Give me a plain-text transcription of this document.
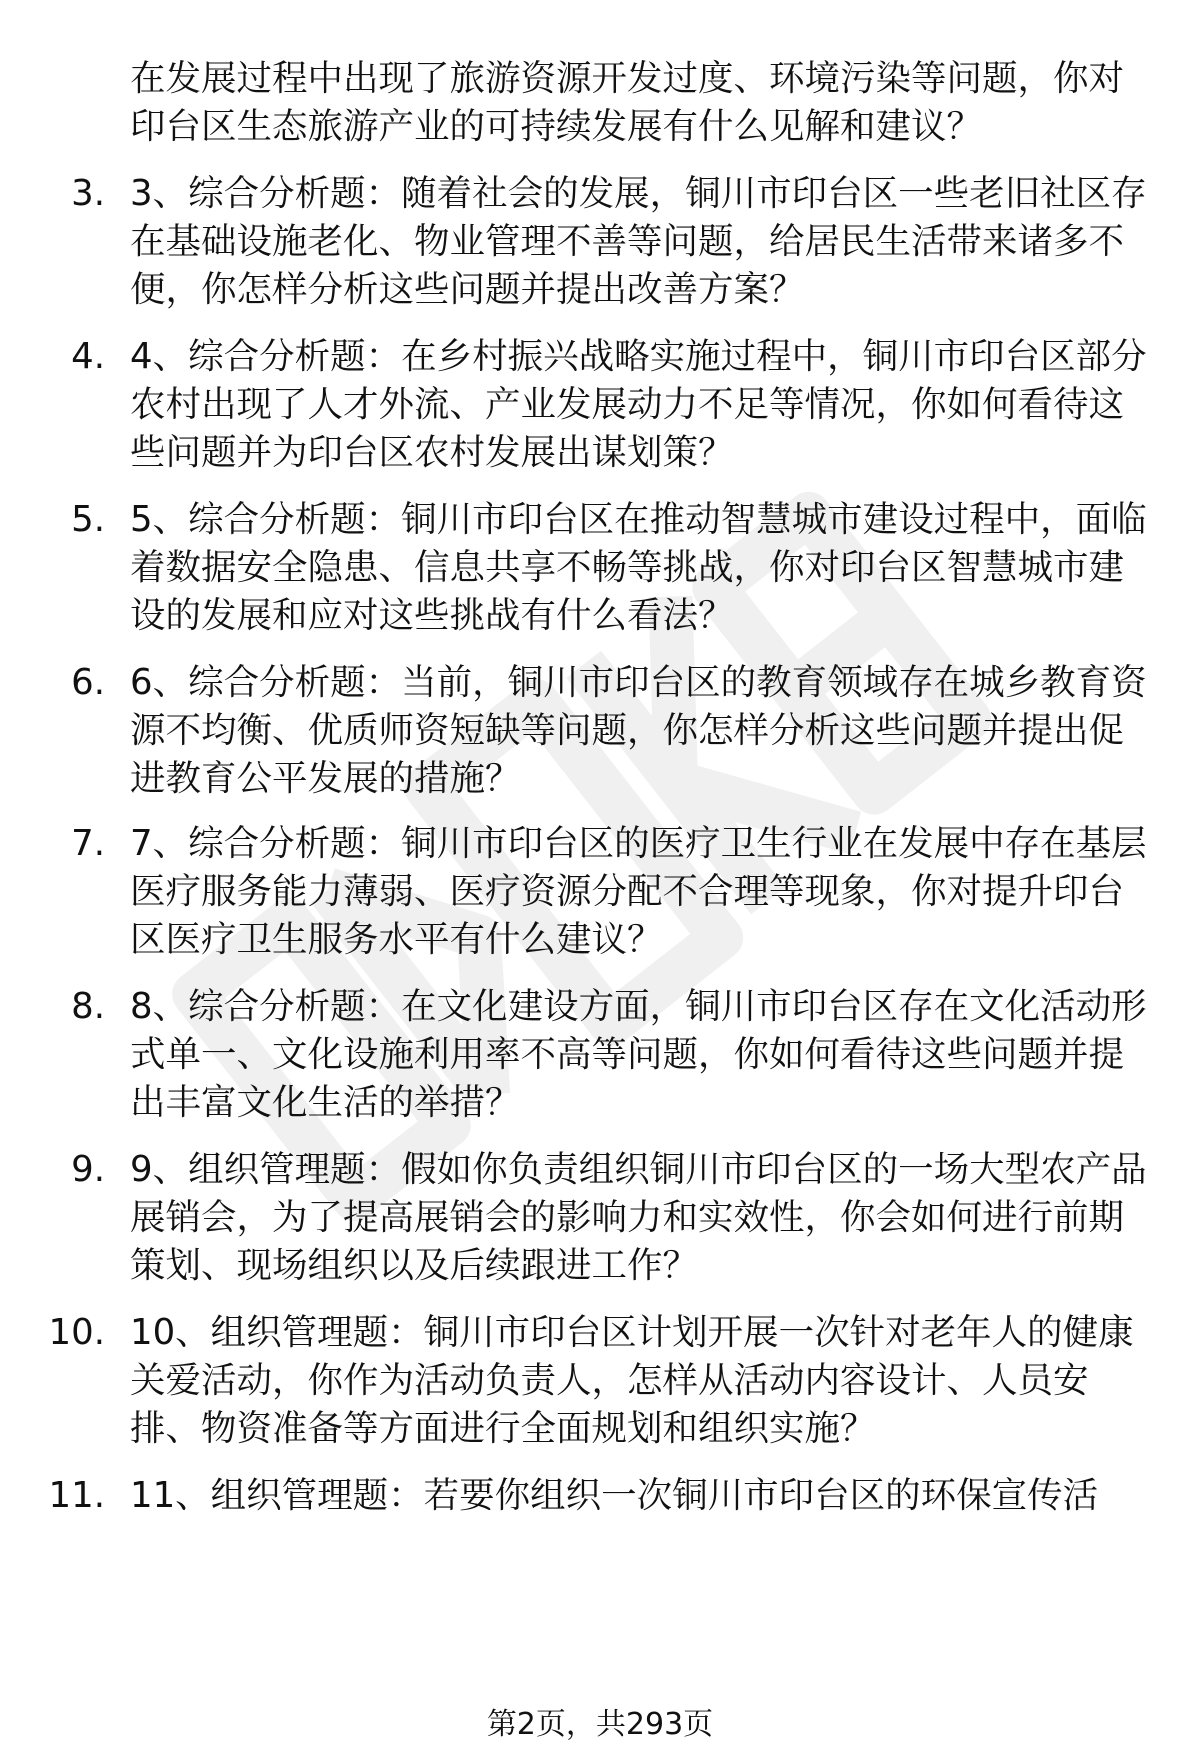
在发展过程中出现了旅游资源开发过度、环境污染等问题，你对
印台区生态旅游产业的可持续发展有什么见解和建议？
3. 3、综合分析题：随着社会的发展，铜川市印台区一些老旧社区存
在基础设施老化、物业管理不善等问题，给居民生活带来诸多不
便，你怎样分析这些问题并提出改善方案？
4. 4、综合分析题：在乡村振兴战略实施过程中，铜川市印台区部分
农村出现了人才外流、产业发展动力不足等情况，你如何看待这
些问题并为印台区农村发展出谋划策？
5. 5、综合分析题：铜川市印台区在推动智慧城市建设过程中，面临
着数据安全隐患、信息共享不畅等挑战，你对印台区智慧城市建
设的发展和应对这些挑战有什么看法？
6. 6、综合分析题：当前，铜川市印台区的教育领域存在城乡教育资
源不均衡、优质师资短缺等问题，你怎样分析这些问题并提出促
进教育公平发展的措施？
7. 7、综合分析题：铜川市印台区的医疗卫生行业在发展中存在基层
医疗服务能力薄弱、医疗资源分配不合理等现象，你对提升印台
区医疗卫生服务水平有什么建议？
8. 8、综合分析题：在文化建设方面，铜川市印台区存在文化活动形
式单一、文化设施利用率不高等问题，你如何看待这些问题并提
出丰富文化生活的举措？
9. 9、组织管理题：假如你负责组织铜川市印台区的一场大型农产品
展销会，为了提高展销会的影响力和实效性，你会如何进行前期
策划、现场组织以及后续跟进工作？
10. 10、组织管理题：铜川市印台区计划开展一次针对老年人的健康
关爱活动，你作为活动负责人，怎样从活动内容设计、人员安
排、物资准备等方面进行全面规划和组织实施？
11. 11、组织管理题：若要你组织一次铜川市印台区的环保宣传活
第2页，共293页
